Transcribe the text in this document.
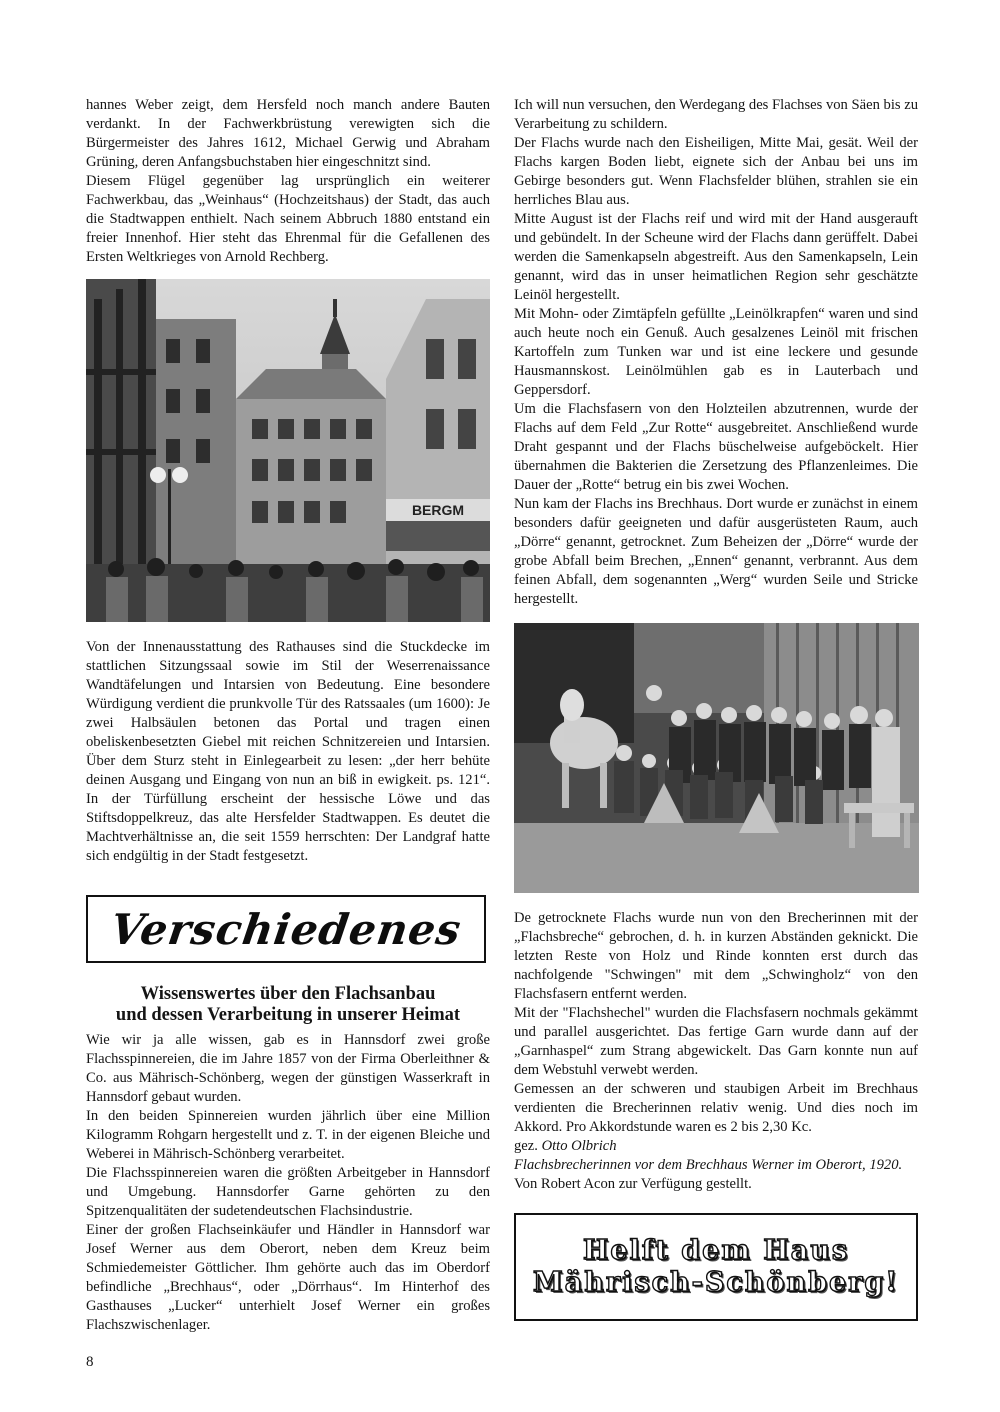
hannes Weber zeigt, dem Hersfeld noch manch andere Bauten verdankt. In der Fachwerkbrüstung verewigten sich die Bürgermeister des Jahres 1612, Michael Gerwig und Abraham Grüning, deren Anfangsbuchstaben hier eingeschnitzt sind.

Diesem Flügel gegenüber lag ursprünglich ein weiterer Fachwerkbau, das „Weinhaus“ (Hochzeitshaus) der Stadt, das auch die Stadtwappen enthielt. Nach seinem Abbruch 1880 entstand ein freier Innenhof. Hier steht das Ehrenmal für die Gefallenen des Ersten Weltkrieges von Arnold Rechberg.

BERGM

Ich will nun versuchen, den Werdegang des Flachses von Säen bis zu Verarbeitung zu schildern.

Der Flachs wurde nach den Eisheiligen, Mitte Mai, gesät. Weil der Flachs kargen Boden liebt, eignete sich der Anbau bei uns im Gebirge besonders gut. Wenn Flachsfelder blühen, strahlen sie ein herrliches Blau aus.

Mitte August ist der Flachs reif und wird mit der Hand ausgerauft und gebündelt. In der Scheune wird der Flachs dann gerüffelt. Dabei werden die Samenkapseln abgestreift. Aus den Samenkapseln, Lein genannt, wird das in unser heimatlichen Region sehr geschätzte Leinöl hergestellt.

Mit Mohn- oder Zimtäpfeln gefüllte „Leinölkrapfen“ waren und sind auch heute noch ein Genuß. Auch gesalzenes Leinöl mit frischen Kartoffeln zum Tunken war und ist eine leckere und gesunde Hausmannskost. Leinölmühlen gab es in Lauterbach und Geppersdorf.

Um die Flachsfasern von den Holzteilen abzutrennen, wurde der Flachs auf dem Feld „Zur Rotte“ ausgebreitet. Anschließend wurde Draht gespannt und der Flachs büschelweise aufgeböckelt. Hier übernahmen die Bakterien die Zersetzung des Pflanzenleimes. Die Dauer der „Rotte“ betrug ein bis zwei Wochen.

Nun kam der Flachs ins Brechhaus. Dort wurde er zunächst in einem besonders dafür geeigneten und dafür ausgerüsteten Raum, auch „Dörre“ genannt, getrocknet. Zum Beheizen der „Dörre“ wurde der grobe Abfall beim Brechen, „Ennen“ genannt, verbrannt. Aus dem feinen Abfall, dem sogenannten „Werg“ wurden Seile und Stricke hergestellt.

Von der Innenausstattung des Rathauses sind die Stuckdecke im stattlichen Sitzungssaal sowie im Stil der Weserrenaissance Wandtäfelungen und Intarsien von Bedeutung. Eine besondere Würdigung verdient die prunkvolle Tür des Ratssaales (um 1600): Je zwei Halbsäulen betonen das Portal und tragen einen obeliskenbesetzten Giebel mit reichen Schnitzereien und Intarsien. Über dem Sturz steht in Einlegearbeit zu lesen: „der herr behüte deinen Ausgang und Eingang von nun an biß in ewigkeit. ps. 121“. In der Türfüllung erscheint der hessische Löwe und das Stiftsdoppelkreuz, das alte Hersfelder Stadtwappen. Es deutet die Machtverhältnisse an, die seit 1559 herrschten: Der Landgraf hatte sich endgültig in der Stadt festgesetzt.

Verschiedenes
Wissenswertes über den Flachsanbau
und dessen Verarbeitung in unserer Heimat

Wie wir ja alle wissen, gab es in Hannsdorf zwei große Flachsspinnereien, die im Jahre 1857 von der Firma Oberleithner & Co. aus Mährisch-Schönberg, wegen der günstigen Wasserkraft in Hannsdorf gebaut wurden.

In den beiden Spinnereien wurden jährlich über eine Million Kilogramm Rohgarn hergestellt und z. T. in der eigenen Bleiche und Weberei in Mährisch-Schönberg verarbeitet.

Die Flachsspinnereien waren die größten Arbeitgeber in Hannsdorf und Umgebung. Hannsdorfer Garne gehörten zu den Spitzenqualitäten der sudetendeutschen Flachsindustrie.

Einer der großen Flachseinkäufer und Händler in Hannsdorf war Josef Werner aus dem Oberort, neben dem Kreuz beim Schmiedemeister Göttlicher. Ihm gehörte auch das im Oberdorf befindliche „Brechhaus“, oder „Dörrhaus“. Im Hinterhof des Gasthauses „Lucker“ unterhielt Josef Werner ein großes Flachszwischenlager.

De getrocknete Flachs wurde nun von den Brecherinnen mit der „Flachsbreche“ gebrochen, d. h. in kurzen Abständen geknickt. Die letzten Reste von Holz und Rinde konnten erst durch das nachfolgende "Schwingen" mit dem „Schwingholz“ von den Flachsfasern entfernt werden.

Mit der "Flachshechel" wurden die Flachsfasern nochmals gekämmt und parallel ausgerichtet. Das fertige Garn wurde dann auf der „Garnhaspel“ zum Strang abgewickelt. Das Garn konnte nun auf dem Webstuhl verwebt werden.

Gemessen an der schweren und staubigen Arbeit im Brechhaus verdienten die Brecherinnen relativ wenig. Und dies noch im Akkord. Pro Akkordstunde waren es 2 bis 2,30 Kc.

gez. Otto Olbrich

Flachsbrecherinnen vor dem Brechhaus Werner im Oberort, 1920.

Von Robert Acon zur Verfügung gestellt.

Helft dem Haus
Mährisch-Schönberg!
8
